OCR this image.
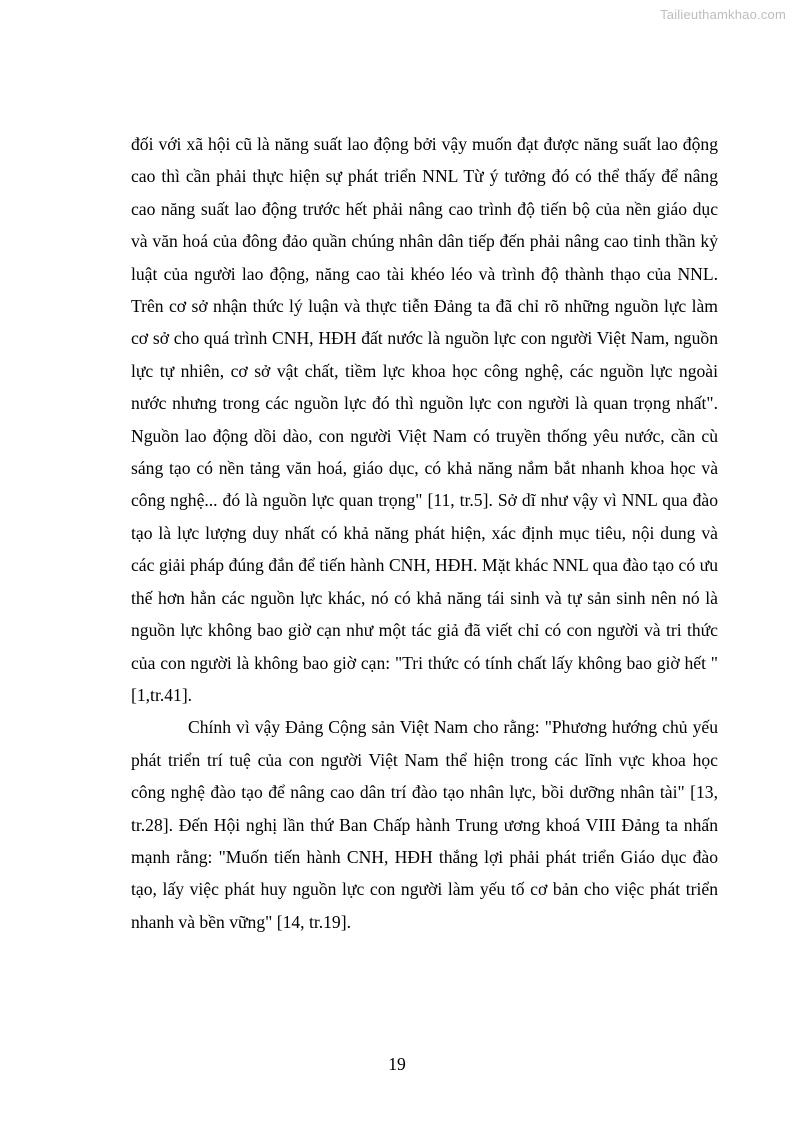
Tailieuthamkhao.com

đối với xã hội cũ là năng suất lao động bởi vậy muốn đạt được năng suất lao động cao thì cần phải thực hiện sự phát triển NNL Từ ý tưởng đó có thể thấy để nâng cao năng suất lao động trước hết phải nâng cao trình độ tiến bộ của nền giáo dục và văn hoá của đông đảo quần chúng nhân dân tiếp đến phải nâng cao tinh thần kỷ luật của người lao động, năng cao tài khéo léo và trình độ thành thạo của NNL. Trên cơ sở nhận thức lý luận và thực tiễn Đảng ta đã chỉ rõ những nguồn lực làm cơ sở cho quá trình CNH, HĐH đất nước là nguồn lực con người Việt Nam, nguồn lực tự nhiên, cơ sở vật chất, tiềm lực khoa học công nghệ, các nguồn lực ngoài nước nhưng trong các nguồn lực đó thì nguồn lực con người là quan trọng nhất". Nguồn lao động dồi dào, con người Việt Nam có truyền thống yêu nước, cần cù sáng tạo có nền tảng văn hoá, giáo dục, có khả năng nắm bắt nhanh khoa học và công nghệ... đó là nguồn lực quan trọng" [11, tr.5]. Sở dĩ như vậy vì NNL qua đào tạo là lực lượng duy nhất có khả năng phát hiện, xác định mục tiêu, nội dung và các giải pháp đúng đắn để tiến hành CNH, HĐH. Mặt khác NNL qua đào tạo có ưu thế hơn hẳn các nguồn lực khác, nó có khả năng tái sinh và tự sản sinh nên nó là nguồn lực không bao giờ cạn như một tác giả đã viết chỉ có con người và tri thức của con người là không bao giờ cạn: "Tri thức có tính chất lấy không bao giờ hết " [1,tr.41].

Chính vì vậy Đảng Cộng sản Việt Nam cho rằng: "Phương hướng chủ yếu phát triển trí tuệ của con người Việt Nam thể hiện trong các lĩnh vực khoa học công nghệ đào tạo để nâng cao dân trí đào tạo nhân lực, bồi dưỡng nhân tài" [13, tr.28]. Đến Hội nghị lần thứ Ban Chấp hành Trung ương khoá VIII Đảng ta nhấn mạnh rằng: "Muốn tiến hành CNH, HĐH thắng lợi phải phát triển Giáo dục đào tạo, lấy việc phát huy nguồn lực con người làm yếu tố cơ bản cho việc phát triển nhanh và bền vững" [14, tr.19].

19
